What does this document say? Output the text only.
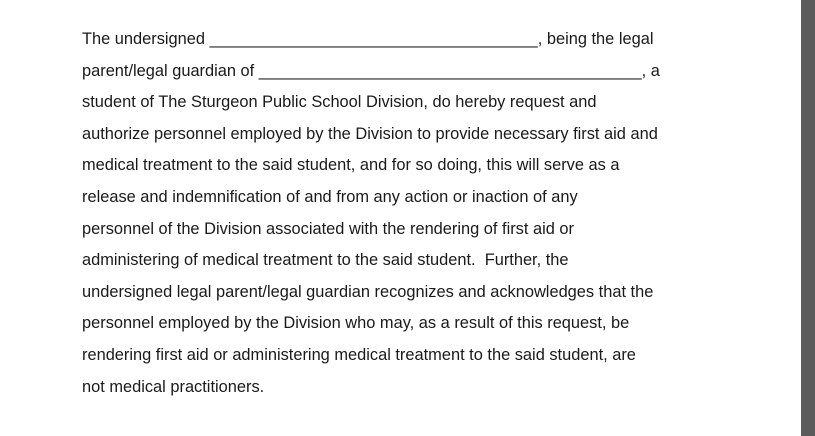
The undersigned ____________________________________, being the legal
parent/legal guardian of __________________________________________, a
student of The Sturgeon Public School Division, do hereby request and
authorize personnel employed by the Division to provide necessary first aid and
medical treatment to the said student, and for so doing, this will serve as a
release and indemnification of and from any action or inaction of any
personnel of the Division associated with the rendering of first aid or
administering of medical treatment to the said student.  Further, the
undersigned legal parent/legal guardian recognizes and acknowledges that the
personnel employed by the Division who may, as a result of this request, be
rendering first aid or administering medical treatment to the said student, are
not medical practitioners.
